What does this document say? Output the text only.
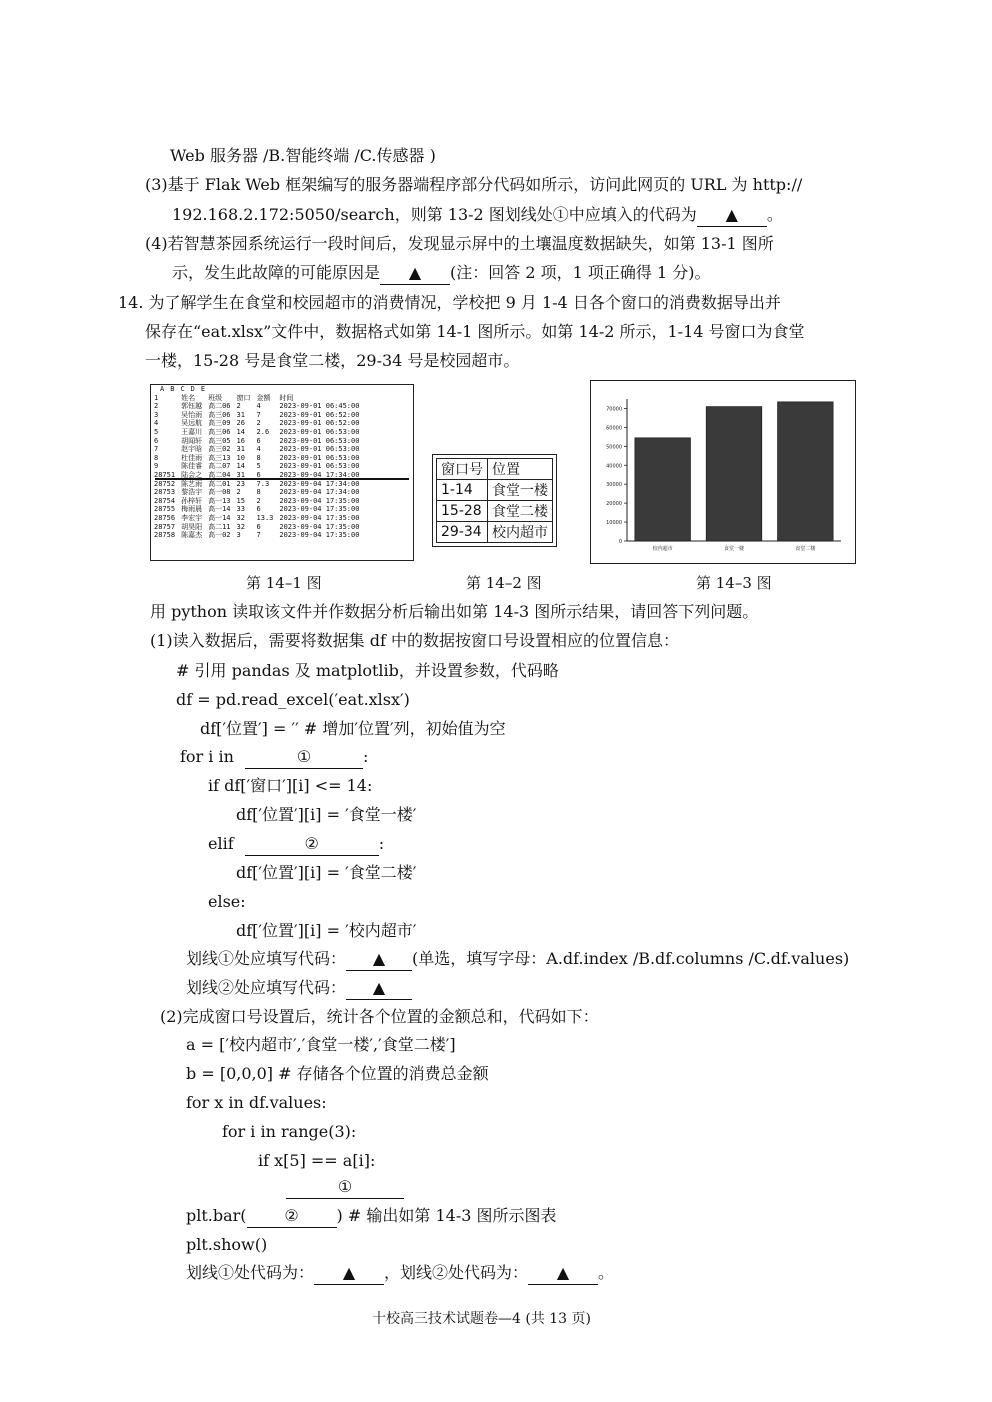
Web 服务器 /B.智能终端 /C.传感器 )
(3)基于 Flak Web 框架编写的服务器端程序部分代码如所示，访问此网页的 URL 为 http://
192.168.2.172:5050/search，则第 13-2 图划线处①中应填入的代码为 ▲ 。
(4)若智慧茶园系统运行一段时间后，发现显示屏中的土壤温度数据缺失，如第 13-1 图所
示，发生此故障的可能原因是 ▲ (注：回答 2 项，1 项正确得 1 分)。
14. 为了解学生在食堂和校园超市的消费情况，学校把 9 月 1-4 日各个窗口的消费数据导出并
保存在“eat.xlsx”文件中，数据格式如第 14-1 图所示。如第 14-2 所示，1-14 号窗口为食堂
一楼，15-28 号是食堂二楼，29-34 号是校园超市。
	A	B	C	D	E
1	姓名	班级	窗口	金额	时间
2	郭钰越	高二06	2	4	2023-09-01 06:45:00
3	吴怡雨	高三06	31	7	2023-09-01 06:52:00
4	吴远航	高三09	26	2	2023-09-01 06:52:00
5	王嘉川	高三06	14	2.6	2023-09-01 06:53:00
6	胡闻轩	高三05	16	6	2023-09-01 06:53:00
7	赵宇晗	高三02	31	4	2023-09-01 06:53:00
8	杜佳雨	高三13	10	8	2023-09-01 06:53:00
9	陈佳睿	高二07	14	5	2023-09-01 06:53:00
28751	陆会之	高二04	31	6	2023-09-04 17:34:00
28752	陈艺雨	高二01	23	7.3	2023-09-04 17:34:00
28753	黎浩宇	高一08	2	8	2023-09-04 17:34:00
28754	孙梓轩	高一13	15	2	2023-09-04 17:35:00
28755	梅雨晨	高一14	33	6	2023-09-04 17:35:00
28756	李宏宇	高一14	32	13.3	2023-09-04 17:35:00
28757	胡昊阳	高二11	32	6	2023-09-04 17:35:00
28758	陈嘉杰	高一02	3	7	2023-09-04 17:35:00
窗口号	位置
1-14	食堂一楼
15-28	食堂二楼
29-34	校内超市
0
10000
20000
30000
40000
50000
60000
70000
校内超市	食堂一楼	食堂二楼
第 14–1 图	第 14–2 图	第 14–3 图
用 python 读取该文件并作数据分析后输出如第 14-3 图所示结果，请回答下列问题。
(1)读入数据后，需要将数据集 df 中的数据按窗口号设置相应的位置信息：
# 引用 pandas 及 matplotlib，并设置参数，代码略
df = pd.read_excel(′eat.xlsx′)
df[′位置′] = ′′ # 增加′位置′列，初始值为空
for i in	①	:
if df[′窗口′][i] <= 14:
df[′位置′][i] = ′食堂一楼′
elif	②	:
df[′位置′][i] = ′食堂二楼′
else:
df[′位置′][i] = ′校内超市′
划线①处应填写代码： ▲ (单选，填写字母：A.df.index /B.df.columns /C.df.values)
划线②处应填写代码： ▲
(2)完成窗口号设置后，统计各个位置的金额总和，代码如下：
a = [′校内超市′,′食堂一楼′,′食堂二楼′]
b = [0,0,0] # 存储各个位置的消费总金额
for x in df.values:
for i in range(3):
if x[5] == a[i]:
①
plt.bar( ② ) # 输出如第 14-3 图所示图表
plt.show()
划线①处代码为： ▲ ，划线②处代码为： ▲ 。
十校高三技术试题卷—4 (共 13 页)
